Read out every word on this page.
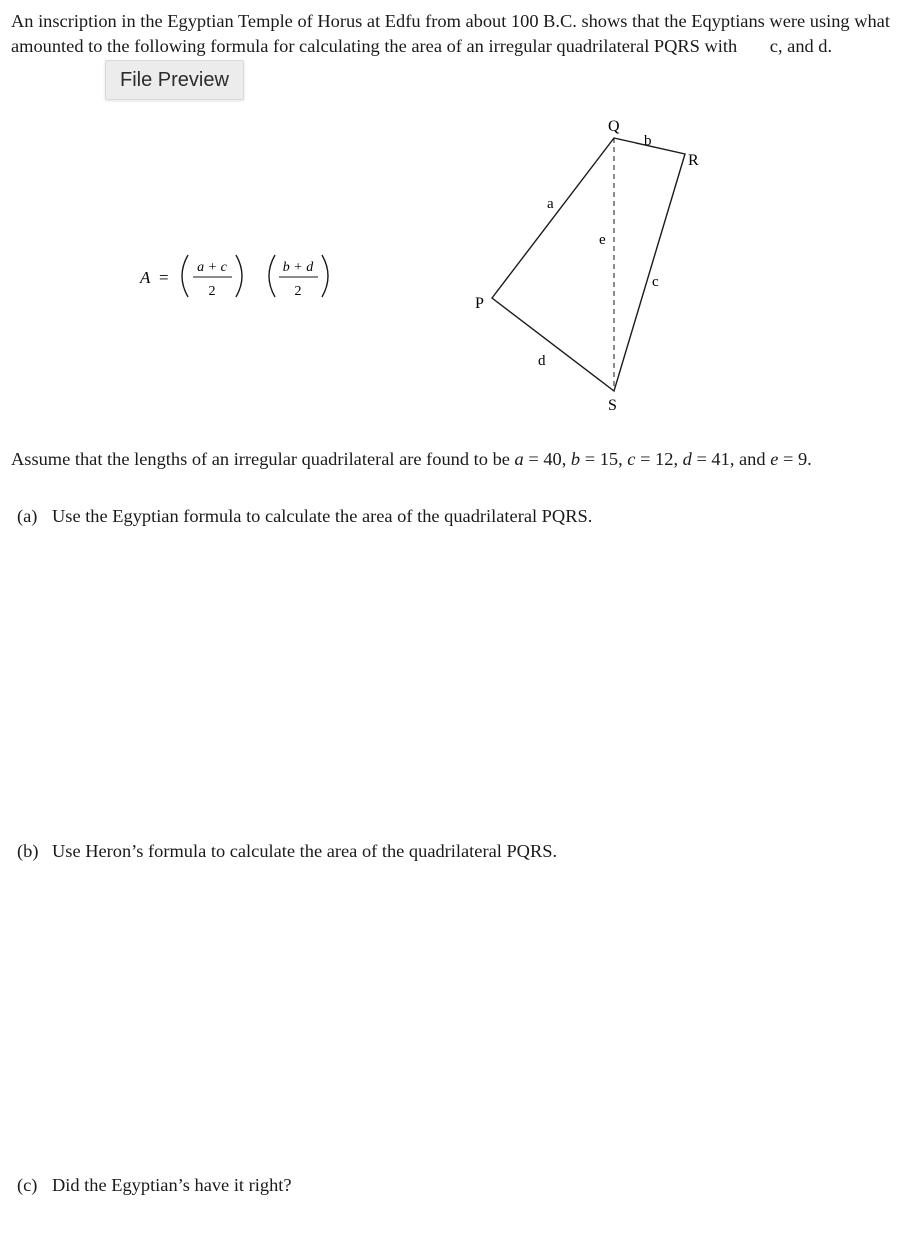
An inscription in the Egyptian Temple of Horus at Edfu from about 100 B.C. shows that the Eqyptians were using what amounted to the following formula for calculating the area of an irregular quadrilateral PQRS with c, and d.

File Preview
A =
a + c
2
b + d
2
P
Q
R
S
a
b
c
d
e

Assume that the lengths of an irregular quadrilateral are found to be a = 40, b = 15, c = 12, d = 41, and e = 9.

(a) Use the Egyptian formula to calculate the area of the quadrilateral PQRS.

(b) Use Heron’s formula to calculate the area of the quadrilateral PQRS.

(c) Did the Egyptian’s have it right?
